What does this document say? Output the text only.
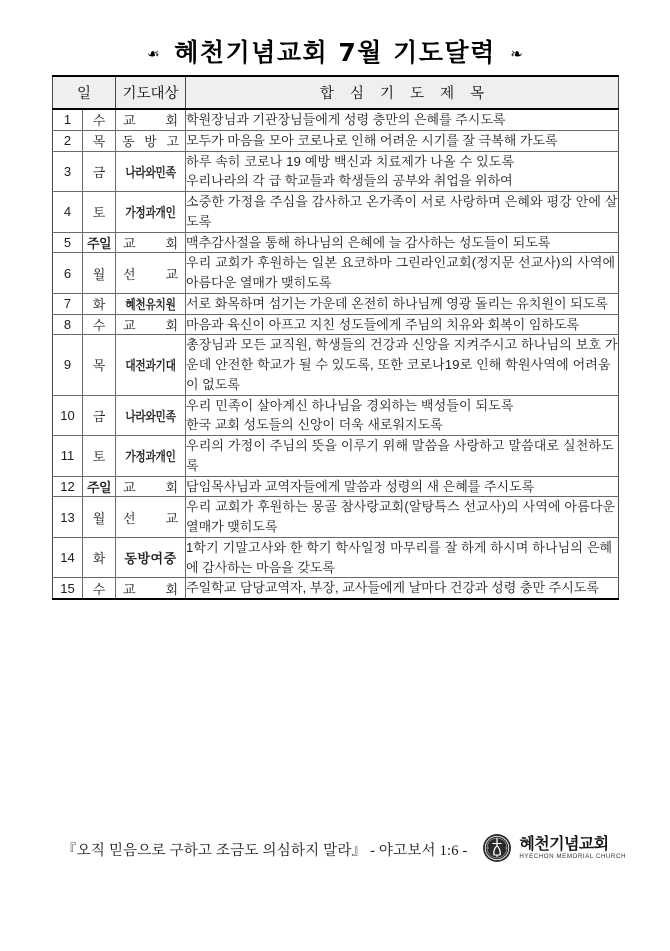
❧ 혜천기념교회 7월 기도달력 ❧
일		기도대상	합 심 기 도 제 목
1	수	교 회	학원장님과 기관장님들에게 성령 충만의 은혜를 주시도록

2	목	동 방 고	모두가 마음을 모아 코로나로 인해 어려운 시기를 잘 극복해 가도록

3	금	나라와민족	하루 속히 코로나 19 예방 백신과 치료제가 나올 수 있도록
우리나라의 각 급 학교들과 학생들의 공부와 취업을 위하여

4	토	가정과개인	소중한 가정을 주심을 감사하고 온가족이 서로 사랑하며 은혜와 평강 안에 살
도록

5	주일	교 회	맥추감사절을 통해 하나님의 은혜에 늘 감사하는 성도들이 되도록

6	월	선 교	우리 교회가 후원하는 일본 요코하마 그린라인교회(정지문 선교사)의 사역에
아름다운 열매가 맺히도록

7	화	혜천유치원	서로 화목하며 섬기는 가운데 온전히 하나님께 영광 돌리는 유치원이 되도록

8	수	교 회	마음과 육신이 아프고 지친 성도들에게 주님의 치유와 회복이 임하도록

9	목	대전과기대	총장님과 모든 교직원, 학생들의 건강과 신앙을 지켜주시고 하나님의 보호 가
운데 안전한 학교가 될 수 있도록, 또한 코로나19로 인해 학원사역에 어려움
이 없도록

10	금	나라와민족	우리 민족이 살아계신 하나님을 경외하는 백성들이 되도록
한국 교회 성도들의 신앙이 더욱 새로워지도록

11	토	가정과개인	우리의 가정이 주님의 뜻을 이루기 위해 말씀을 사랑하고 말씀대로 실천하도
록

12	주일	교 회	담임목사님과 교역자들에게 말씀과 성령의 새 은혜를 주시도록

13	월	선 교	우리 교회가 후원하는 몽골 참사랑교회(알탕특스 선교사)의 사역에 아름다운
열매가 맺히도록

14	화	동방여중	1학기 기말고사와 한 학기 학사일정 마무리를 잘 하게 하시며 하나님의 은혜
에 감사하는 마음을 갖도록

15	수	교 회	주일학교 담당교역자, 부장, 교사들에게 날마다 건강과 성령 충만 주시도록
『오직 믿음으로 구하고 조금도 의심하지 말라』 - 야고보서 1:6 -	혜천기념교회
HYECHON MEMORIAL CHURCH
